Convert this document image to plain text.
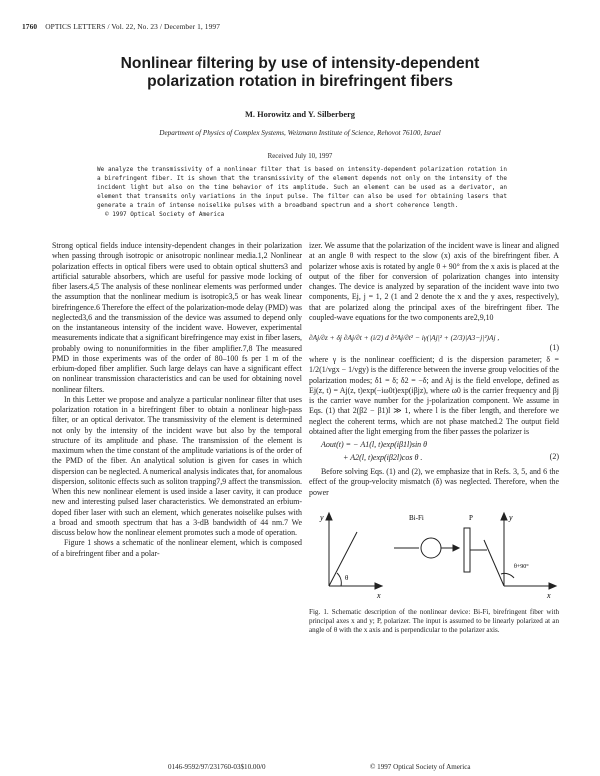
1760 OPTICS LETTERS / Vol. 22, No. 23 / December 1, 1997
Nonlinear filtering by use of intensity-dependent
polarization rotation in birefringent fibers
M. Horowitz and Y. Silberberg
Department of Physics of Complex Systems, Weizmann Institute of Science, Rehovot 76100, Israel
Received July 10, 1997

We analyze the transmissivity of a nonlinear filter that is based on intensity-dependent polarization rotation in a birefringent fiber. It is shown that the transmissivity of the element depends not only on the intensity of the incident light but also on the time behavior of its amplitude. Such an element can be used as a derivator, an element that transmits only variations in the input pulse. The filter can also be used for obtaining lasers that generate a train of intense noiselike pulses with a broadband spectrum and a short coherence length.

© 1997 Optical Society of America

Strong optical fields induce intensity-dependent changes in their polarization when passing through isotropic or anisotropic nonlinear media.1,2 Nonlinear polarization effects in optical fibers were used to obtain optical shutters3 and artificial saturable absorbers, which are useful for passive mode locking of fiber lasers.4,5 The analysis of these nonlinear elements was performed under the assumption that the nonlinear medium is isotropic3,5 or has weak linear birefringence.6 Therefore the effect of the polarization-mode delay (PMD) was neglected3,6 and the transmission of the device was assumed to depend only on the instantaneous intensity of the incident wave. However, experimental measurements indicate that a significant birefringence may exist in fiber lasers, probably owing to nonuniformities in the fiber amplifier.7,8 The measured PMD in those experiments was of the order of 80–100 fs per 1 m of the erbium-doped fiber amplifier. Such large delays can have a significant effect on nonlinear transmission characteristics and can be used for obtaining novel nonlinear filters.

In this Letter we propose and analyze a particular nonlinear filter that uses polarization rotation in a birefringent fiber to obtain a nonlinear high-pass filter, or an optical derivator. The transmissivity of the element is determined not only by the intensity of the incident wave but also by the temporal structure of its amplitude and phase. The transmission of the element is maximum when the time constant of the amplitude variations is of the order of the PMD of the fiber. An analytical solution is given for cases in which dispersion can be neglected. A numerical analysis indicates that, for anomalous dispersion, solitonic effects such as soliton trapping7,9 affect the transmission. When this new nonlinear element is used inside a laser cavity, it can produce new and interesting pulsed laser characteristics. We demonstrated an erbium-doped fiber laser with such an element, which generates noiselike pulses with a broad and smooth spectrum that has a 3-dB bandwidth of 44 nm.7 We discuss below how the nonlinear element promotes such a mode of operation.

Figure 1 shows a schematic of the nonlinear element, which is composed of a birefringent fiber and a polar-

izer. We assume that the polarization of the incident wave is linear and aligned at an angle θ with respect to the slow (x) axis of the birefringent fiber. A polarizer whose axis is rotated by angle θ + 90° from the x axis is placed at the output of the fiber for conversion of polarization changes into intensity changes. The device is analyzed by separation of the incident wave into two components, Ej, j = 1, 2 (1 and 2 denote the x and the y axes, respectively), that are polarized along the principal axes of the birefringent fiber. The coupled-wave equations for the two components are2,9,10

∂Aj/∂z + δj ∂Aj/∂t + (i/2) d ∂²Aj/∂t² − iγ(|Aj|² + (2/3)|A3−j|²)Aj ,
(1)

where γ is the nonlinear coefficient; d is the dispersion parameter; δ = 1/2(1/vgx − 1/vgy) is the difference between the inverse group velocities of the polarization modes; δ1 = δ; δ2 = −δ; and Aj is the field envelope, defined as Ej(z, t) = Aj(z, t)exp(−iω0t)exp(iβjz), where ω0 is the carrier frequency and βj is the carrier wave number for the j-polarization component. We assume in Eqs. (1) that 2(β2 − β1)l ≫ 1, where l is the fiber length, and therefore we neglect the coherent terms, which are not phase matched.2 The output field obtained after the light emerging from the fiber passes the polarizer is

Aout(t) = − A1(l, t)exp(iβ1l)sin θ
+ A2(l, t)exp(iβ2l)cos θ .	(2)

Before solving Eqs. (1) and (2), we emphasize that in Refs. 3, 5, and 6 the effect of the group-velocity mismatch (δ) was neglected. Therefore, when the power

y
x
θ
Bi-Fi	P	y
x
θ+90°

Fig. 1. Schematic description of the nonlinear device: Bi-Fi, birefringent fiber with principal axes x and y; P, polarizer. The input is assumed to be linearly polarized at an angle of θ with the x axis and is perpendicular to the polarizer axis.

0146-9592/97/231760-03$10.00/0	© 1997 Optical Society of America
